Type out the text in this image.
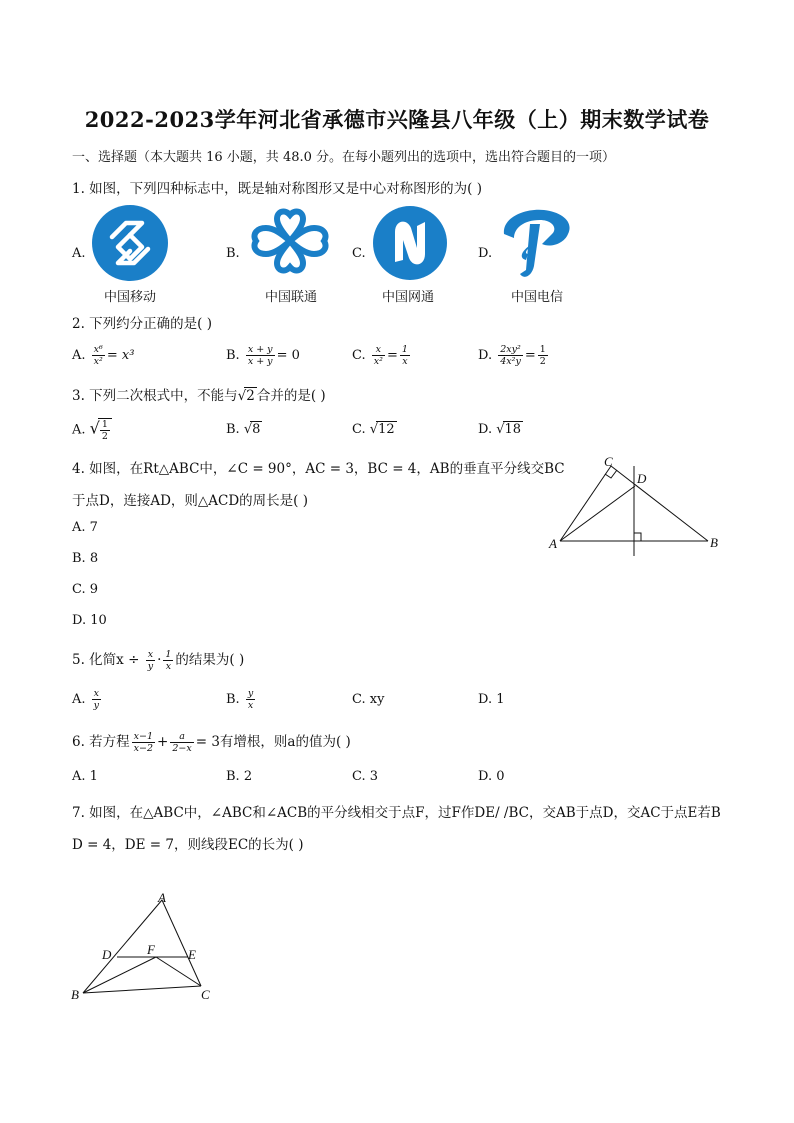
2022-2023学年河北省承德市兴隆县八年级（上）期末数学试卷
一、选择题（本大题共 16 小题，共 48.0 分。在每小题列出的选项中，选出符合题目的一项）
1. 如图，下列四种标志中，既是轴对称图形又是中心对称图形的为( )
A.	B.	C.	D.
中国移动	中国联通	中国网通	中国电信
2. 下列约分正确的是( )
A. $\frac{\text{x⁶}}{\text{x²}} = x^3$	B. $\frac{x + y}{x + y} = 0$	C. $\frac{x}{\text{x²}} = \frac{1}{x}$	D. $\frac{\text{2xy²}}{\text{4x²y}} = \frac{1}{2}$
3. 下列二次根式中，不能与√2 合并的是( )
A. √
$\frac{1}{2}$	B. √8	C. √12	D. √18
4. 如图，在Rt△ABC中，∠C = 90°，AC = 3，BC = 4，AB的垂直平分线交BC
于点D，连接AD，则△ACD的周长是( )
A. 7
B. 8
C. 9
D. 10
C
D
A	B
5. 化简$x \div \frac{x}{y} \cdot \frac{1}{x}$ 的结果为( )
A. $\frac{x}{y}$	B. $\frac{y}{x}$	C. xy	D. 1
6. 若方程 $\frac{x-1}{x-2} + \frac{a}{2-x} = 3$有增根，则a的值为( )
A. 1	B. 2	C. 3	D. 0
7. 如图，在△ABC中，∠ABC和∠ACB的平分线相交于点F，过F作DE/ /BC，交AB于点D，交AC于点E若B
D = 4，DE = 7，则线段EC的长为( )
A
D	F	E
B	C
